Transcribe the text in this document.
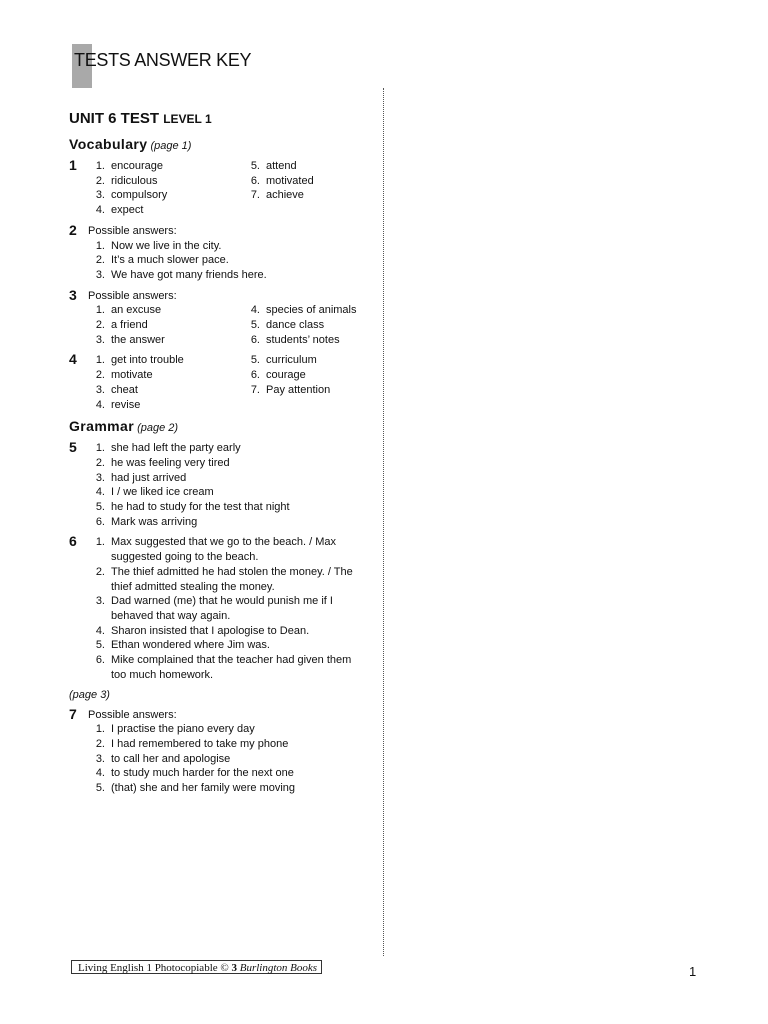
TESTS ANSWER KEY
UNIT 6 TEST LEVEL 1
Vocabulary (page 1)
1	1. encourage
2. ridiculous
3. compulsory
4. expect
5. attend
6. motivated
7. achieve
2 Possible answers:
1. Now we live in the city.
2. It’s a much slower pace.
3. We have got many friends here.
3 Possible answers:
1. an excuse
2. a friend
3. the answer
4. species of animals
5. dance class
6. students’ notes
4	1. get into trouble
2. motivate
3. cheat
4. revise
5. curriculum
6. courage
7. Pay attention
Grammar (page 2)
5	1. she had left the party early
2. he was feeling very tired
3. had just arrived
4. I / we liked ice cream
5. he had to study for the test that night
6. Mark was arriving
6	1. Max suggested that we go to the beach. / Max suggested going to the beach.
2. The thief admitted he had stolen the money. / The thief admitted stealing the money.
3. Dad warned (me) that he would punish me if I behaved that way again.
4. Sharon insisted that I apologise to Dean.
5. Ethan wondered where Jim was.
6. Mike complained that the teacher had given them too much homework.
(page 3)
7 Possible answers:
1. I practise the piano every day
2. I had remembered to take my phone
3. to call her and apologise
4. to study much harder for the next one
5. (that) she and her family were moving
Living English 1 Photocopiable © 3 Burlington Books	1
